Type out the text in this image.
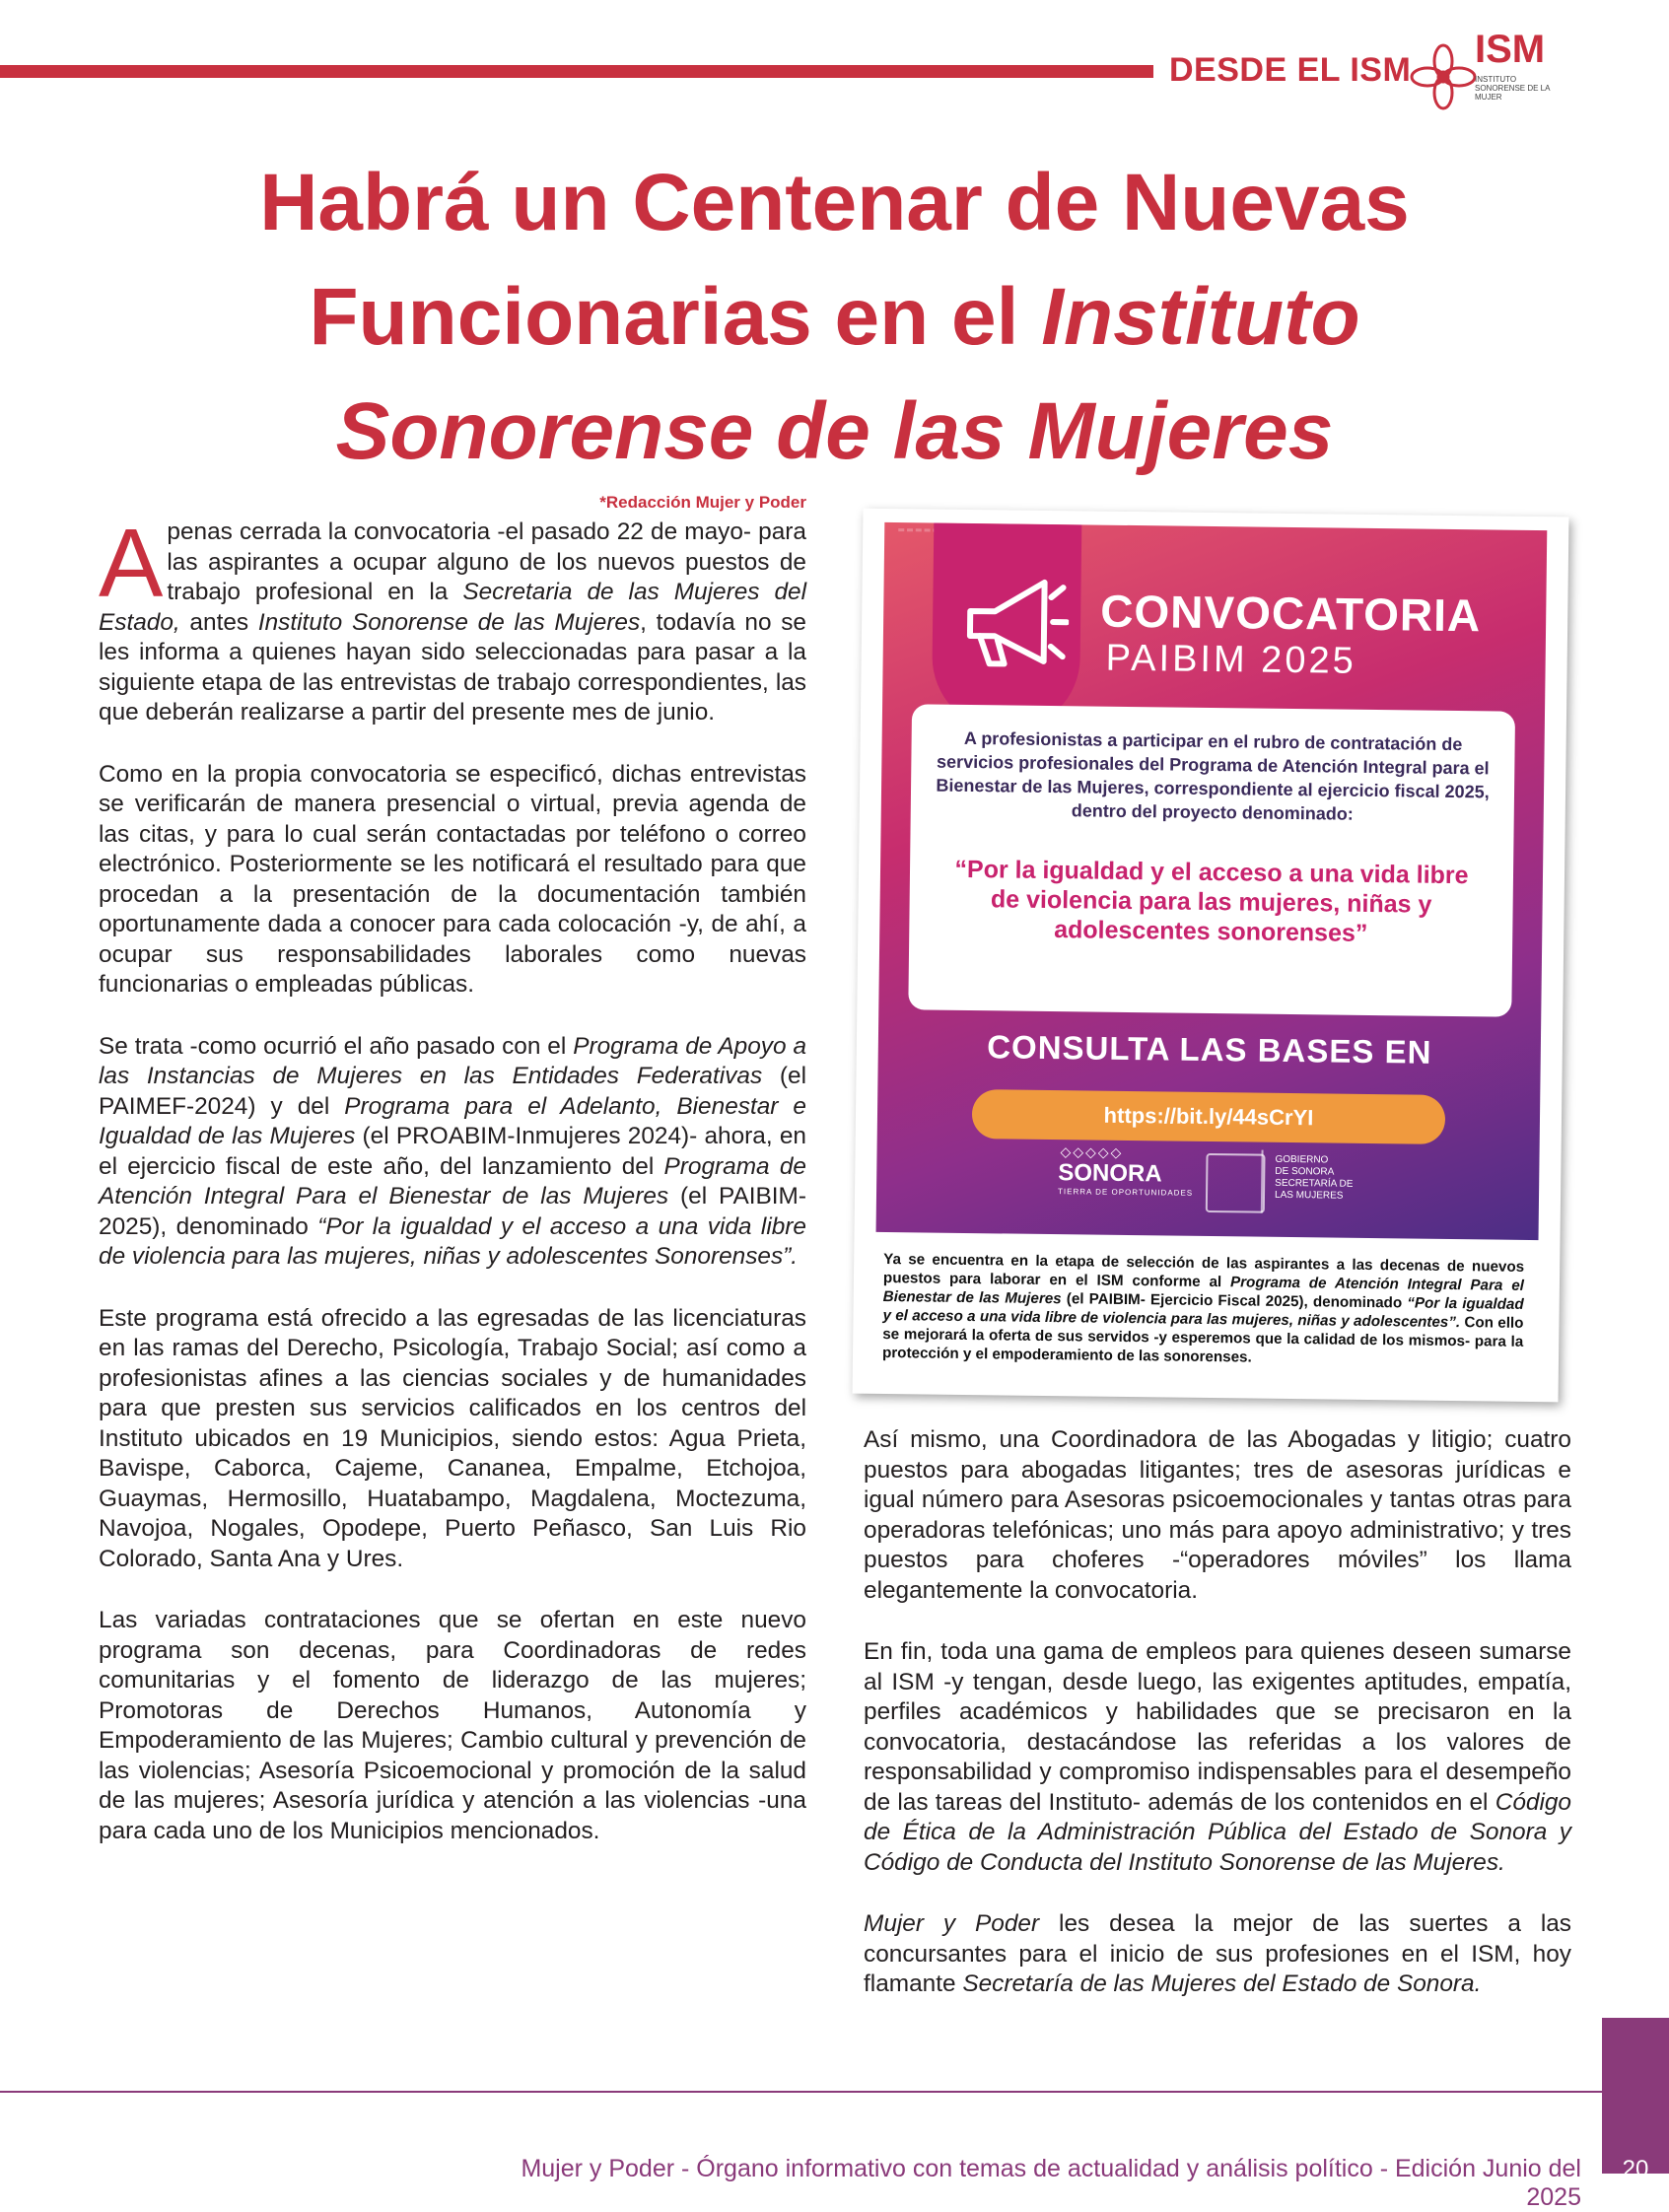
DESDE EL ISM ISM
INSTITUTO SONORENSE DE LA MUJER
Habrá un Centenar de Nuevas
Funcionarias en el Instituto
Sonorense de las Mujeres
*Redacción Mujer y Poder

Apenas cerrada la convocatoria -el pasado 22 de mayo- para las aspirantes a ocupar alguno de los nuevos puestos de trabajo profesional en la Secretaria de las Mujeres del Estado, antes Instituto Sonorense de las Mujeres, todavía no se les informa a quienes hayan sido seleccionadas para pasar a la siguiente etapa de las entrevistas de trabajo correspondientes, las que deberán realizarse a partir del presente mes de junio.

Como en la propia convocatoria se especificó, dichas entrevistas se verificarán de manera presencial o virtual, previa agenda de las citas, y para lo cual serán contactadas por teléfono o correo electrónico. Posteriormente se les notificará el resultado para que procedan a la presentación de la documentación también oportunamente dada a conocer para cada colocación -y, de ahí, a ocupar sus responsabilidades laborales como nuevas funcionarias o empleadas públicas.

Se trata -como ocurrió el año pasado con el Programa de Apoyo a las Instancias de Mujeres en las Entidades Federativas (el PAIMEF-2024) y del Programa para el Adelanto, Bienestar e Igualdad de las Mujeres (el PROABIM-Inmujeres 2024)- ahora, en el ejercicio fiscal de este año, del lanzamiento del Programa de Atención Integral Para el Bienestar de las Mujeres (el PAIBIM-2025), denominado “Por la igualdad y el acceso a una vida libre de violencia para las mujeres, niñas y adolescentes Sonorenses”.

Este programa está ofrecido a las egresadas de las licenciaturas en las ramas del Derecho, Psicología, Trabajo Social; así como a profesionistas afines a las ciencias sociales y de humanidades para que presten sus servicios calificados en los centros del Instituto ubicados en 19 Municipios, siendo estos: Agua Prieta, Bavispe, Caborca, Cajeme, Cananea, Empalme, Etchojoa, Guaymas, Hermosillo, Huatabampo, Magdalena, Moctezuma, Navojoa, Nogales, Opodepe, Puerto Peñasco, San Luis Rio Colorado, Santa Ana y Ures.

Las variadas contrataciones que se ofertan en este nuevo programa son decenas, para Coordinadoras de redes comunitarias y el fomento de liderazgo de las mujeres; Promotoras de Derechos Humanos, Autonomía y Empoderamiento de las Mujeres; Cambio cultural y prevención de las violencias; Asesoría Psicoemocional y promoción de la salud de las mujeres; Asesoría jurídica y atención a las violencias -una para cada uno de los Municipios mencionados.

CONVOCATORIA
PAIBIM 2025
A profesionistas a participar en el rubro de contratación de servicios profesionales del Programa de Atención Integral para el Bienestar de las Mujeres, correspondiente al ejercicio fiscal 2025, dentro del proyecto denominado:
“Por la igualdad y el acceso a una vida libre de violencia para las mujeres, niñas y adolescentes sonorenses”
CONSULTA LAS BASES EN
https://bit.ly/44sCrYI
◇◇◇◇◇
SONORA
TIERRA DE OPORTUNIDADES
GOBIERNO
DE SONORA
SECRETARÍA DE
LAS MUJERES
Ya se encuentra en la etapa de selección de las aspirantes a las decenas de nuevos puestos para laborar en el ISM conforme al Programa de Atención Integral Para el Bienestar de las Mujeres (el PAIBIM- Ejercicio Fiscal 2025), denominado “Por la igualdad y el acceso a una vida libre de violencia para las mujeres, niñas y adolescentes”. Con ello se mejorará la oferta de sus servidos -y esperemos que la calidad de los mismos- para la protección y el empoderamiento de las sonorenses.

Así mismo, una Coordinadora de las Abogadas y litigio; cuatro puestos para abogadas litigantes; tres de asesoras jurídicas e igual número para Asesoras psicoemocionales y tantas otras para operadoras telefónicas; uno más para apoyo administrativo; y tres puestos para choferes -“operadores móviles” los llama elegantemente la convocatoria.

En fin, toda una gama de empleos para quienes deseen sumarse al ISM -y tengan, desde luego, las exigentes aptitudes, empatía, perfiles académicos y habilidades que se precisaron en la convocatoria, destacándose las referidas a los valores de responsabilidad y compromiso indispensables para el desempeño de las tareas del Instituto- además de los contenidos en el Código de Ética de la Administración Pública del Estado de Sonora y Código de Conducta del Instituto Sonorense de las Mujeres.

Mujer y Poder les desea la mejor de las suertes a las concursantes para el inicio de sus profesiones en el ISM, hoy flamante Secretaría de las Mujeres del Estado de Sonora.

Mujer y Poder - Órgano informativo con temas de actualidad y análisis político - Edición Junio del 2025
20
